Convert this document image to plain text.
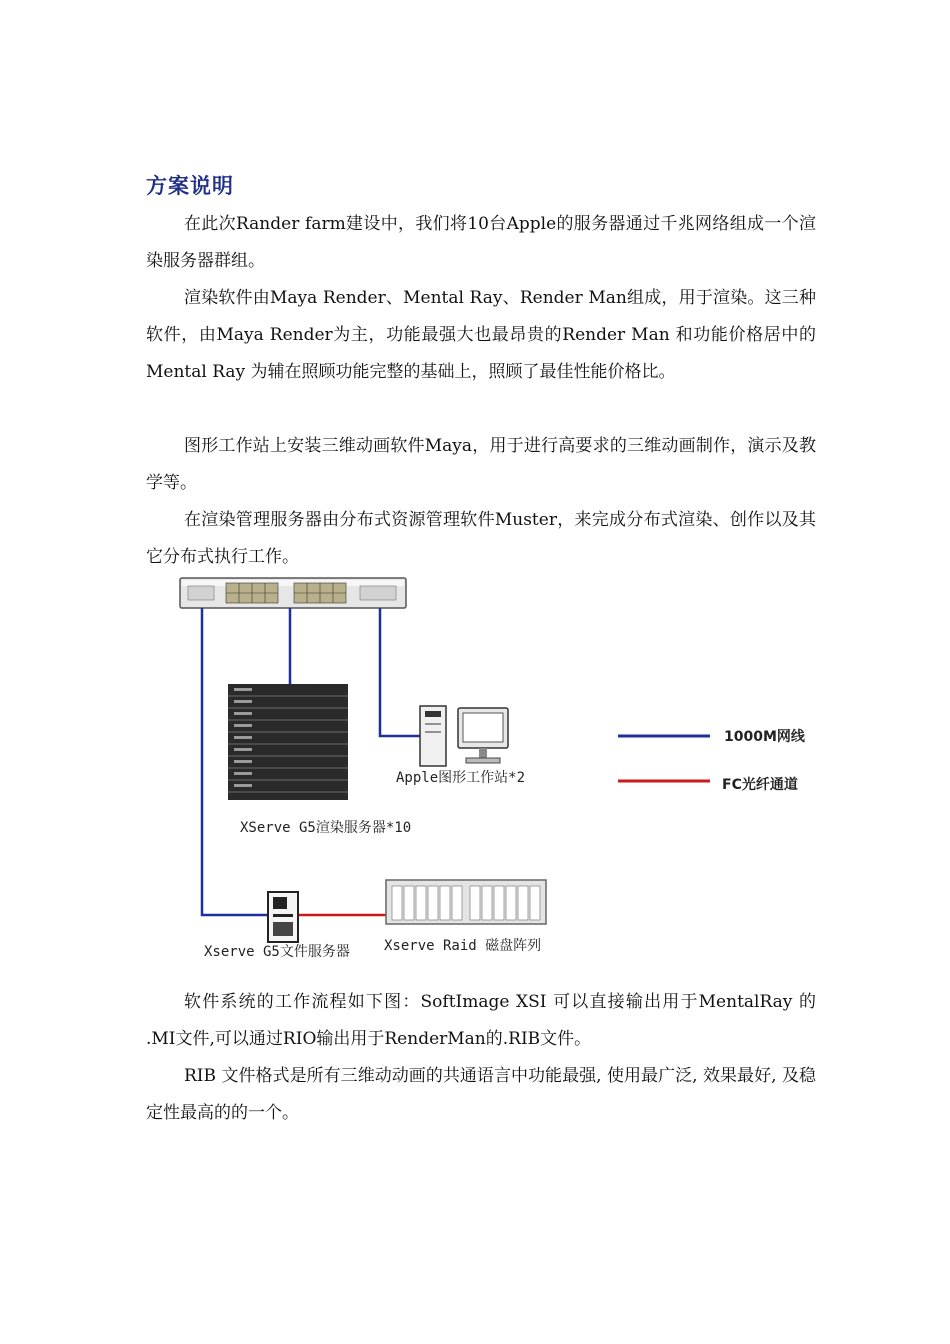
方案说明

在此次Rander farm建设中，我们将10台Apple的服务器通过千兆网络组成一个渲染服务器群组。

渲染软件由Maya Render、Mental Ray、Render Man组成，用于渲染。这三种软件，由Maya Render为主，功能最强大也最昂贵的Render Man 和功能价格居中的Mental Ray 为辅在照顾功能完整的基础上，照顾了最佳性能价格比。

图形工作站上安装三维动画软件Maya，用于进行高要求的三维动画制作，演示及教学等。

在渲染管理服务器由分布式资源管理软件Muster，来完成分布式渲染、创作以及其它分布式执行工作。

XServe G5渲染服务器*10
Apple图形工作站*2
Xserve G5文件服务器 Xserve Raid 磁盘阵列
1000M网线
FC光纤通道

软件系统的工作流程如下图：SoftImage XSI 可以直接输出用于MentalRay 的 .MI文件,可以通过RIO输出用于RenderMan的.RIB文件。

RIB 文件格式是所有三维动动画的共通语言中功能最强, 使用最广泛, 效果最好, 及稳定性最高的的一个。
